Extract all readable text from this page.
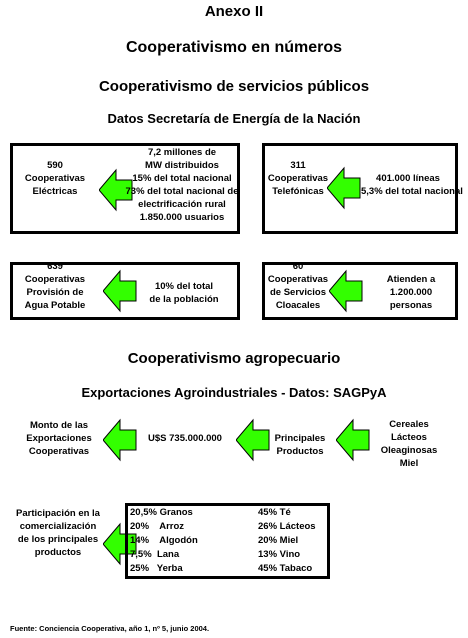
Anexo II
Cooperativismo en números
Cooperativismo de servicios públicos
Datos Secretaría de Energía de la Nación
590
Cooperativas
Eléctricas
7,2 millones de
MW distribuidos
15% del total nacional
73% del total nacional de
electrificación rural
1.850.000 usuarios
311
Cooperativas
Telefónicas
401.000 líneas
5,3% del total nacional
639
Cooperativas
Provisión de
Agua Potable
10% del total
de la población
60
Cooperativas
de Servicios
Cloacales
Atienden a
1.200.000
personas
Cooperativismo agropecuario
Exportaciones Agroindustriales - Datos: SAGPyA
Monto de las
Exportaciones
Cooperativas
U$S 735.000.000	Principales
Productos
Cereales
Lácteos
Oleaginosas
Miel
Participación en la
comercialización
de los principales
productos
20,5% Granos	45% Té
20% Arroz	26% Lácteos
14% Algodón	20% Miel
7,5% Lana	13% Vino
25% Yerba	45% Tabaco
Fuente: Conciencia Cooperativa, año 1, nº 5, junio 2004.
